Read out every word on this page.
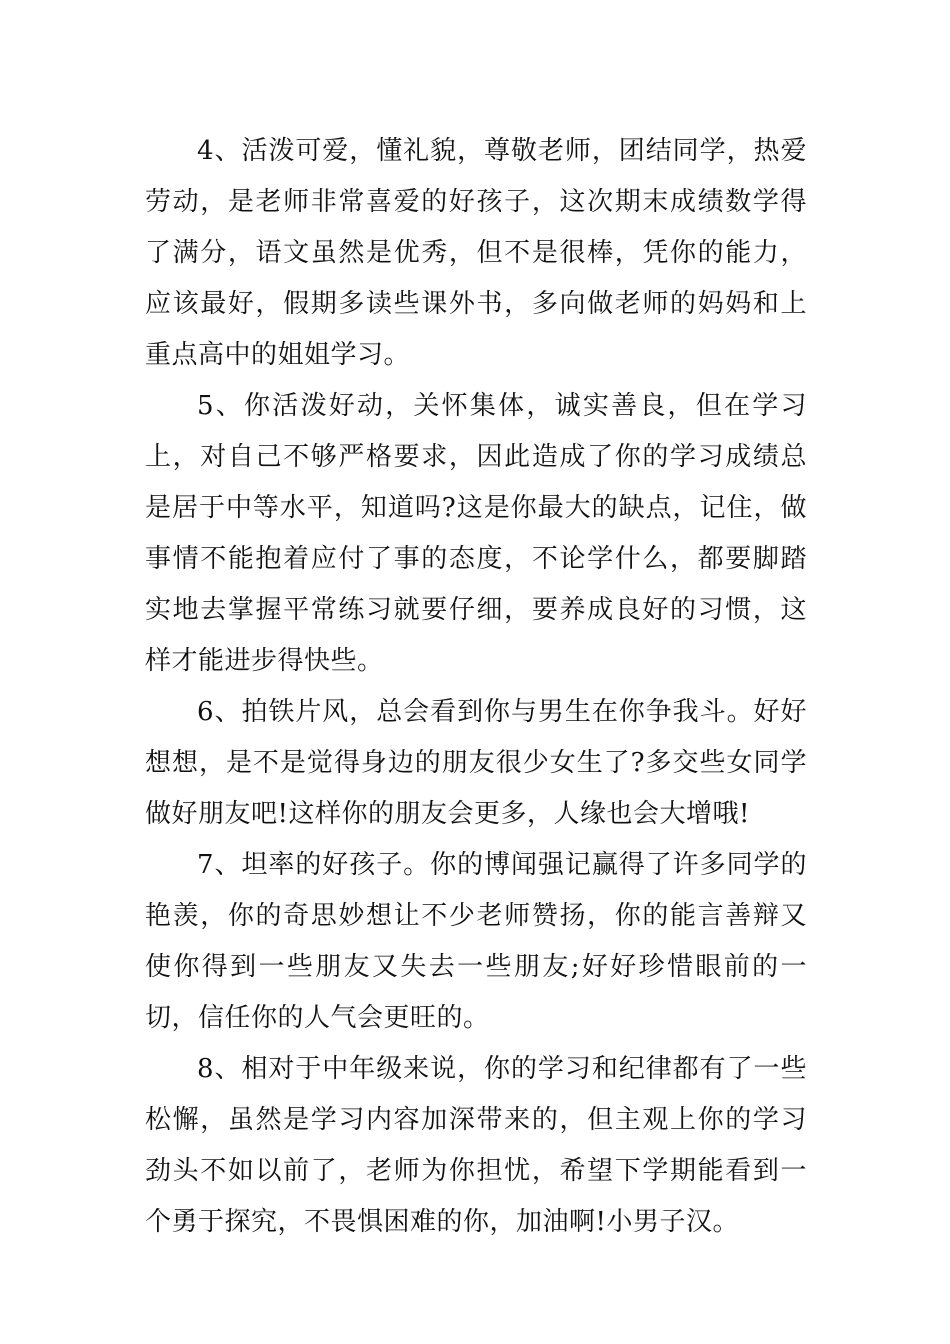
4、活泼可爱，懂礼貌，尊敬老师，团结同学，热爱劳动，是老师非常喜爱的好孩子，这次期末成绩数学得了满分，语文虽然是优秀，但不是很棒，凭你的能力，应该最好，假期多读些课外书，多向做老师的妈妈和上重点高中的姐姐学习。

5、你活泼好动，关怀集体，诚实善良，但在学习上，对自己不够严格要求，因此造成了你的学习成绩总是居于中等水平，知道吗?这是你最大的缺点，记住，做事情不能抱着应付了事的态度，不论学什么，都要脚踏实地去掌握平常练习就要仔细，要养成良好的习惯，这样才能进步得快些。

6、拍铁片风，总会看到你与男生在你争我斗。好好想想，是不是觉得身边的朋友很少女生了?多交些女同学做好朋友吧!这样你的朋友会更多，人缘也会大增哦!

7、坦率的好孩子。你的博闻强记赢得了许多同学的艳羡，你的奇思妙想让不少老师赞扬，你的能言善辩又使你得到一些朋友又失去一些朋友;好好珍惜眼前的一切，信任你的人气会更旺的。

8、相对于中年级来说，你的学习和纪律都有了一些松懈，虽然是学习内容加深带来的，但主观上你的学习劲头不如以前了，老师为你担忧，希望下学期能看到一个勇于探究，不畏惧困难的你，加油啊!小男子汉。
